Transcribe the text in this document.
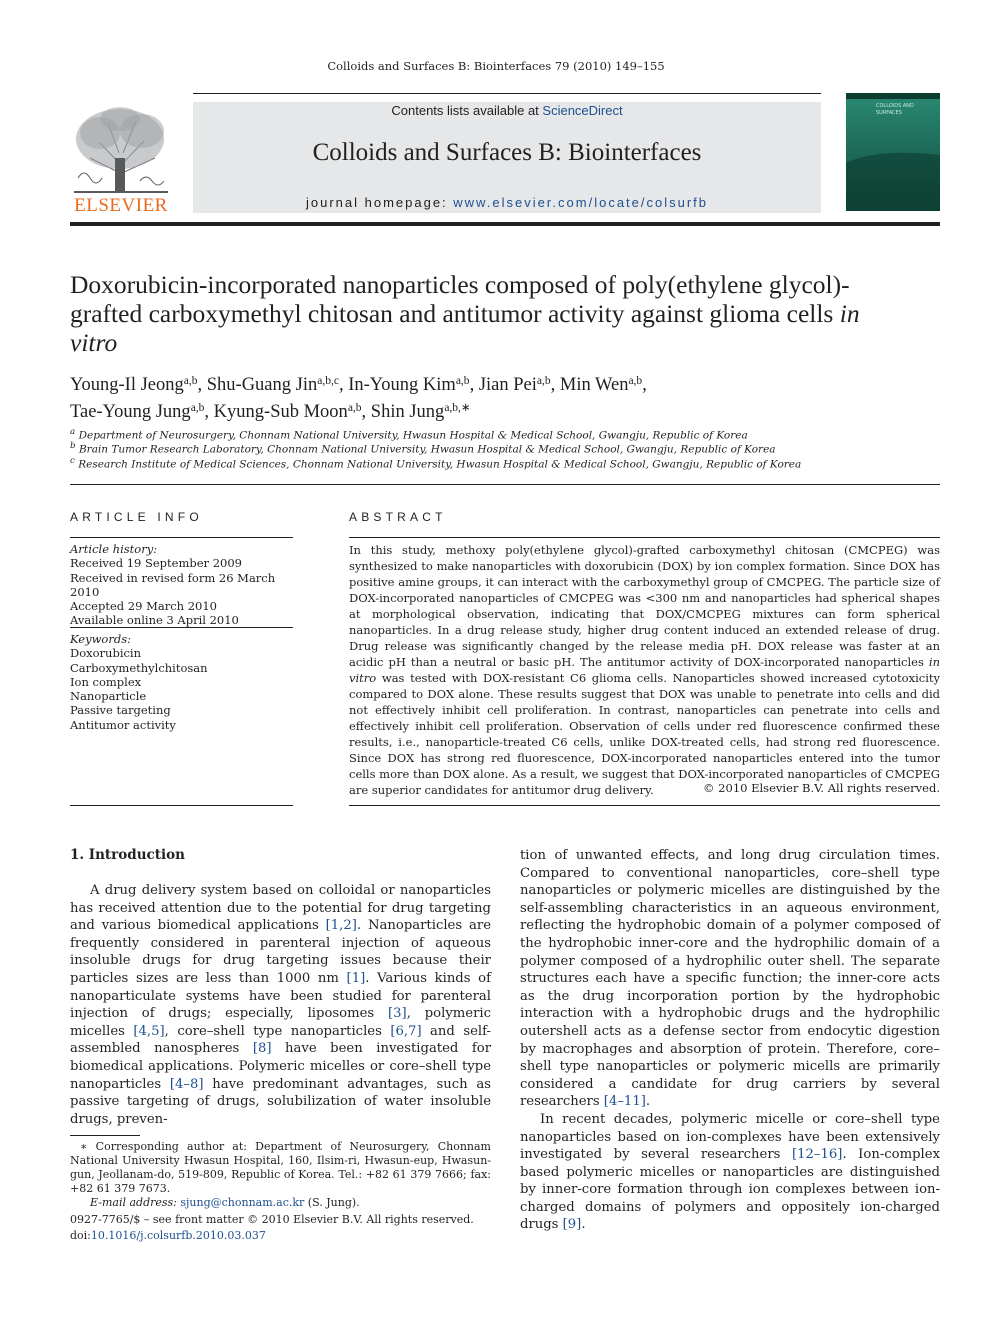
Colloids and Surfaces B: Biointerfaces 79 (2010) 149–155
ELSEVIER
Contents lists available at ScienceDirect
Colloids and Surfaces B: Biointerfaces
journal homepage: www.elsevier.com/locate/colsurfb
COLLOIDS AND
SURFACES
Doxorubicin-incorporated nanoparticles composed of poly(ethylene glycol)-grafted carboxymethyl chitosan and antitumor activity against glioma cells in vitro
Young-Il Jeong$^{a,b}$, Shu-Guang Jin$^{a,b,c}$, In-Young Kim$^{a,b}$, Jian Pei$^{a,b}$, Min Wen$^{a,b}$,
Tae-Young Jung$^{a,b}$, Kyung-Sub Moon$^{a,b}$, Shin Jung$^{a,b,∗}$
$^a$ Department of Neurosurgery, Chonnam National University, Hwasun Hospital & Medical School, Gwangju, Republic of Korea
$^b$ Brain Tumor Research Laboratory, Chonnam National University, Hwasun Hospital & Medical School, Gwangju, Republic of Korea
$^c$ Research Institute of Medical Sciences, Chonnam National University, Hwasun Hospital & Medical School, Gwangju, Republic of Korea
ARTICLE INFO
Article history:
Received 19 September 2009
Received in revised form 26 March 2010
Accepted 29 March 2010
Available online 3 April 2010
Keywords:
Doxorubicin
Carboxymethylchitosan
Ion complex
Nanoparticle
Passive targeting
Antitumor activity
ABSTRACT
In this study, methoxy poly(ethylene glycol)-grafted carboxymethyl chitosan (CMCPEG) was synthesized to make nanoparticles with doxorubicin (DOX) by ion complex formation. Since DOX has positive amine groups, it can interact with the carboxymethyl group of CMCPEG. The particle size of DOX-incorporated nanoparticles of CMCPEG was <300 nm and nanoparticles had spherical shapes at morphological observation, indicating that DOX/CMCPEG mixtures can form spherical nanoparticles. In a drug release study, higher drug content induced an extended release of drug. Drug release was significantly changed by the release media pH. DOX release was faster at an acidic pH than a neutral or basic pH. The antitumor activity of DOX-incorporated nanoparticles in vitro was tested with DOX-resistant C6 glioma cells. Nanoparticles showed increased cytotoxicity compared to DOX alone. These results suggest that DOX was unable to penetrate into cells and did not effectively inhibit cell proliferation. In contrast, nanoparticles can penetrate into cells and effectively inhibit cell proliferation. Observation of cells under red fluorescence confirmed these results, i.e., nanoparticle-treated C6 cells, unlike DOX-treated cells, had strong red fluorescence. Since DOX has strong red fluorescence, DOX-incorporated nanoparticles entered into the tumor cells more than DOX alone. As a result, we suggest that DOX-incorporated nanoparticles of CMCPEG are superior candidates for antitumor drug delivery.	© 2010 Elsevier B.V. All rights reserved.
1. Introduction

A drug delivery system based on colloidal or nanoparticles has received attention due to the potential for drug targeting and various biomedical applications [1,2]. Nanoparticles are frequently considered in parenteral injection of aqueous insoluble drugs for drug targeting issues because their particles sizes are less than 1000 nm [1]. Various kinds of nanoparticulate systems have been studied for parenteral injection of drugs; especially, liposomes [3], polymeric micelles [4,5], core–shell type nanoparticles [6,7] and self-assembled nanospheres [8] have been investigated for biomedical applications. Polymeric micelles or core–shell type nanoparticles [4–8] have predominant advantages, such as passive targeting of drugs, solubilization of water insoluble drugs, preven-

tion of unwanted effects, and long drug circulation times. Compared to conventional nanoparticles, core–shell type nanoparticles or polymeric micelles are distinguished by the self-assembling characteristics in an aqueous environment, reflecting the hydrophobic domain of a polymer composed of the hydrophobic inner-core and the hydrophilic domain of a polymer composed of a hydrophilic outer shell. The separate structures each have a specific function; the inner-core acts as the drug incorporation portion by the hydrophobic interaction with a hydrophobic drugs and the hydrophilic outershell acts as a defense sector from endocytic digestion by macrophages and absorption of protein. Therefore, core–shell type nanoparticles or polymeric micells are primarily considered a candidate for drug carriers by several researchers [4–11].

In recent decades, polymeric micelle or core–shell type nanoparticles based on ion-complexes have been extensively investigated by several researchers [12–16]. Ion-complex based polymeric micelles or nanoparticles are distinguished by inner-core formation through ion complexes between ion-charged domains of polymers and oppositely ion-charged drugs [9].

∗ Corresponding author at: Department of Neurosurgery, Chonnam National University Hwasun Hospital, 160, Ilsim-ri, Hwasun-eup, Hwasun-gun, Jeollanam-do, 519-809, Republic of Korea. Tel.: +82 61 379 7666; fax: +82 61 379 7673.

E-mail address: sjung@chonnam.ac.kr (S. Jung).

0927-7765/$ – see front matter © 2010 Elsevier B.V. All rights reserved.
doi:10.1016/j.colsurfb.2010.03.037
